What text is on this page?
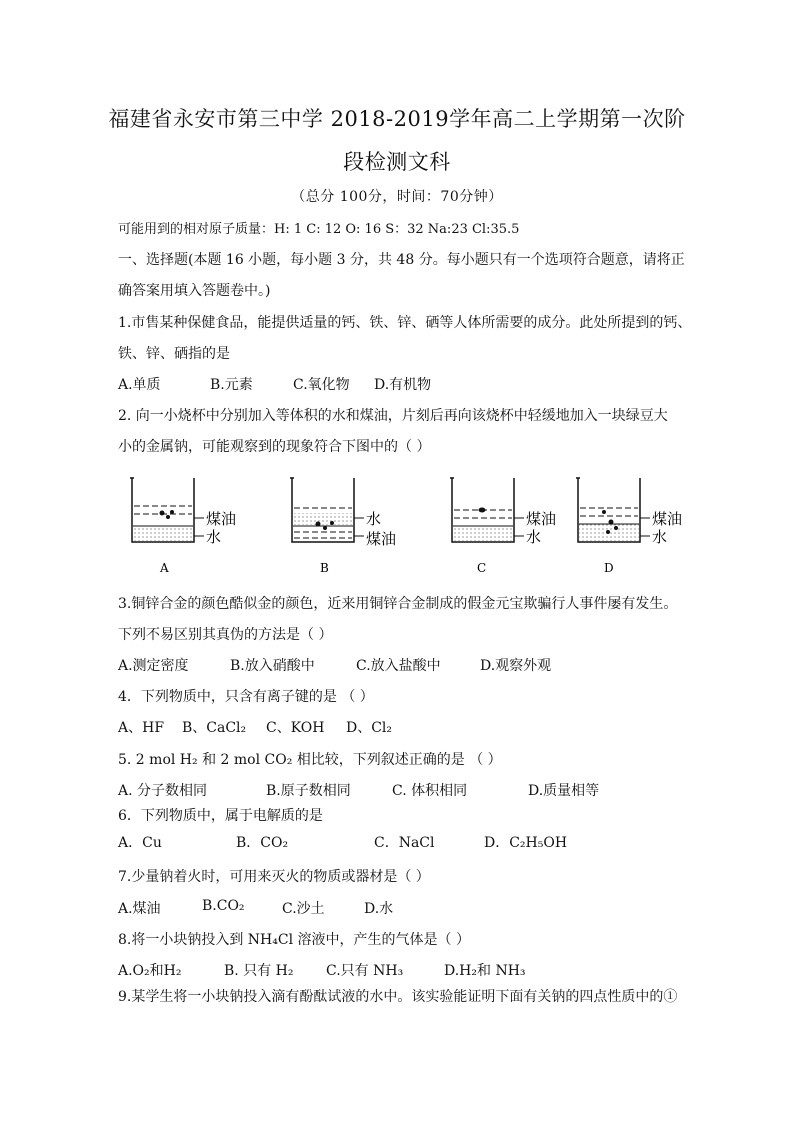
福建省永安市第三中学 2018-2019学年高二上学期第一次阶
段检测文科
（总分 100分，时间：70分钟）
可能用到的相对原子质量：H: 1 C: 12 O: 16 S：32 Na:23 Cl:35.5
一、选择题(本题 16 小题，每小题 3 分，共 48 分。每小题只有一个选项符合题意，请将正
确答案用填入答题卷中。)
1.市售某种保健食品，能提供适量的钙、铁、锌、硒等人体所需要的成分。此处所提到的钙、
铁、锌、硒指的是
A.单质	B.元素	C.氧化物 D.有机物
2. 向一小烧杯中分别加入等体积的水和煤油，片刻后再向该烧杯中轻缓地加入一块绿豆大
小的金属钠，可能观察到的现象符合下图中的（ ）
煤油
水
A
水
煤油
B
煤油
水
C
煤油
水
D
3.铜锌合金的颜色酷似金的颜色，近来用铜锌合金制成的假金元宝欺骗行人事件屡有发生。
下列不易区别其真伪的方法是（ ）
A.测定密度	B.放入硝酸中	C.放入盐酸中	D.观察外观
4．下列物质中，只含有离子键的是 （ ）
A、HF B、CaCl₂ C、KOH D、Cl₂
5. 2 mol H₂ 和 2 mol CO₂ 相比较，下列叙述正确的是 （ ）
A. 分子数相同	B.原子数相同	C. 体积相同	D.质量相等
6．下列物质中，属于电解质的是
A．Cu	B．CO₂	C．NaCl	D．C₂H₅OH
7.少量钠着火时，可用来灭火的物质或器材是（ ）
A.煤油	B.CO₂	C.沙土	D.水
8.将一小块钠投入到 NH₄Cl 溶液中，产生的气体是（ ）
A.O₂和H₂	B. 只有 H₂ C.只有 NH₃	D.H₂和 NH₃
9.某学生将一小块钠投入滴有酚酞试液的水中。该实验能证明下面有关钠的四点性质中的①
